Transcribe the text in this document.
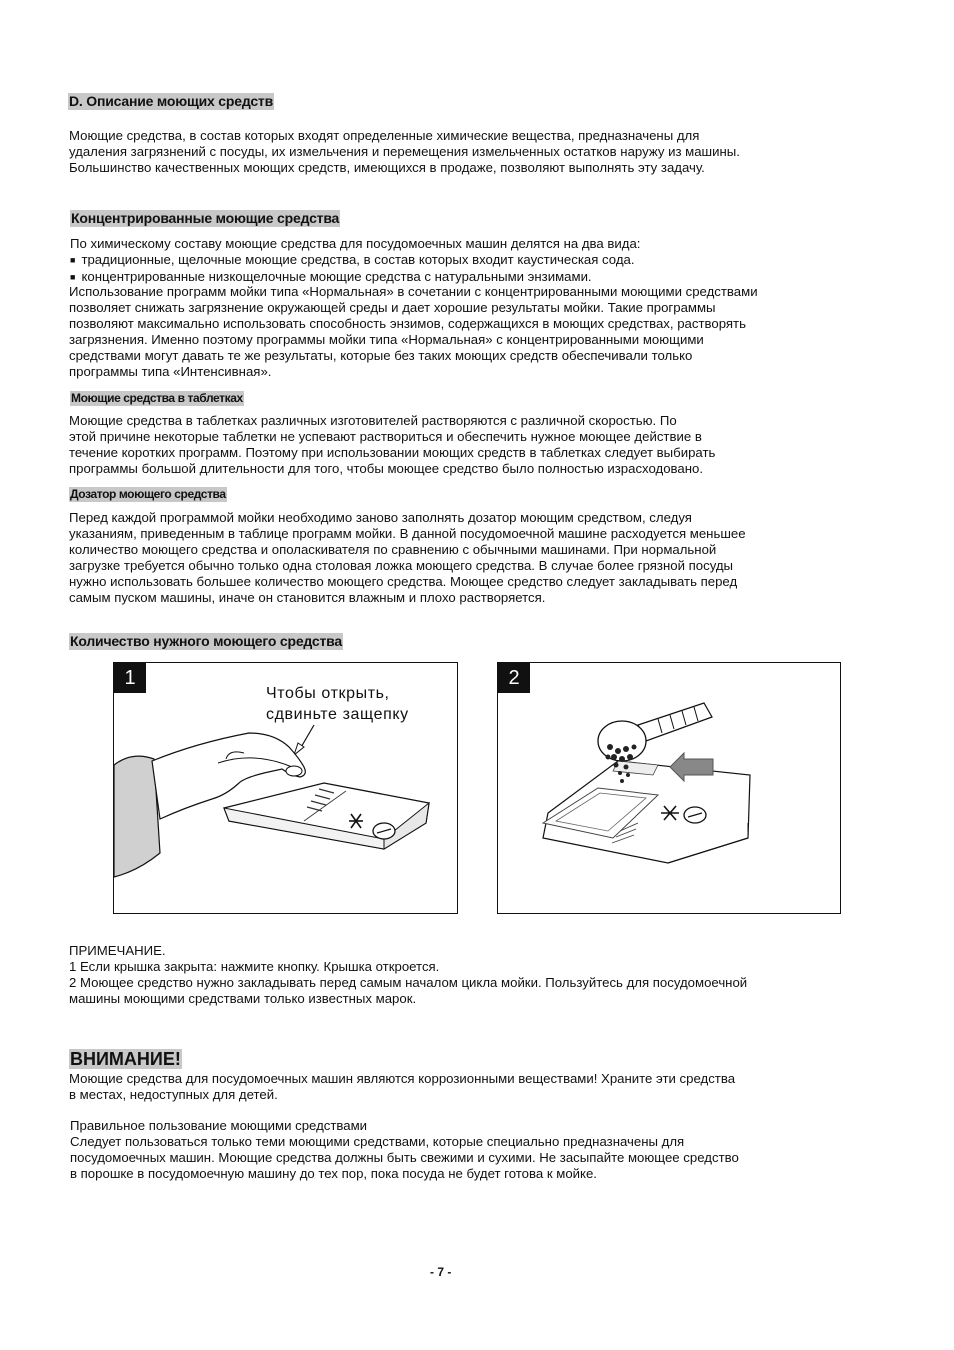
D. Описание моющих средств
Моющие средства, в состав которых входят определенные химические вещества, предназначены для
удаления загрязнений с посуды, их измельчения и перемещения измельченных остатков наружу из машины.
Большинство качественных моющих средств, имеющихся в продаже, позволяют выполнять эту задачу.
Концентрированные моющие средства
По химическому составу моющие средства для посудомоечных машин делятся на два вида:
■ традиционные, щелочные моющие средства, в состав которых входит каустическая сода.
■ концентрированные низкощелочные моющие средства с натуральными энзимами.
Использование программ мойки типа «Нормальная» в сочетании с концентрированными моющими средствами
позволяет снижать загрязнение окружающей среды и дает хорошие результаты мойки. Такие программы
позволяют максимально использовать способность энзимов, содержащихся в моющих средствах, растворять
загрязнения. Именно поэтому программы мойки типа «Нормальная» с концентрированными моющими
средствами могут давать те же результаты, которые без таких моющих средств обеспечивали только
программы типа «Интенсивная».
Моющие средства в таблетках
Моющие средства в таблетках различных изготовителей растворяются с различной скоростью. По
этой причине некоторые таблетки не успевают раствориться и обеспечить нужное моющее действие в
течение коротких программ. Поэтому при использовании моющих средств в таблетках следует выбирать
программы большой длительности для того, чтобы моющее средство было полностью израсходовано.
Дозатор моющего средства
Перед каждой программой мойки необходимо заново заполнять дозатор моющим средством, следуя
указаниям, приведенным в таблице программ мойки. В данной посудомоечной машине расходуется меньшее
количество моющего средства и ополаскивателя по сравнению с обычными машинами. При нормальной
загрузке требуется обычно только одна столовая ложка моющего средства. В случае более грязной посуды
нужно использовать большее количество моющего средства. Моющее средство следует закладывать перед
самым пуском машины, иначе он становится влажным и плохо растворяется.
Количество нужного моющего средства
1
Чтобы открыть,
сдвиньте защепку
2
ПРИМЕЧАНИЕ.
1 Если крышка закрыта: нажмите кнопку. Крышка откроется.
2 Моющее средство нужно закладывать перед самым началом цикла мойки. Пользуйтесь для посудомоечной
машины моющими средствами только известных марок.
ВНИМАНИЕ!
Моющие средства для посудомоечных машин являются коррозионными веществами! Храните эти средства
в местах, недоступных для детей.
Правильное пользование моющими средствами
Следует пользоваться только теми моющими средствами, которые специально предназначены для
посудомоечных машин. Моющие средства должны быть свежими и сухими. Не засыпайте моющее средство
в порошке в посудомоечную машину до тех пор, пока посуда не будет готова к мойке.
- 7 -
